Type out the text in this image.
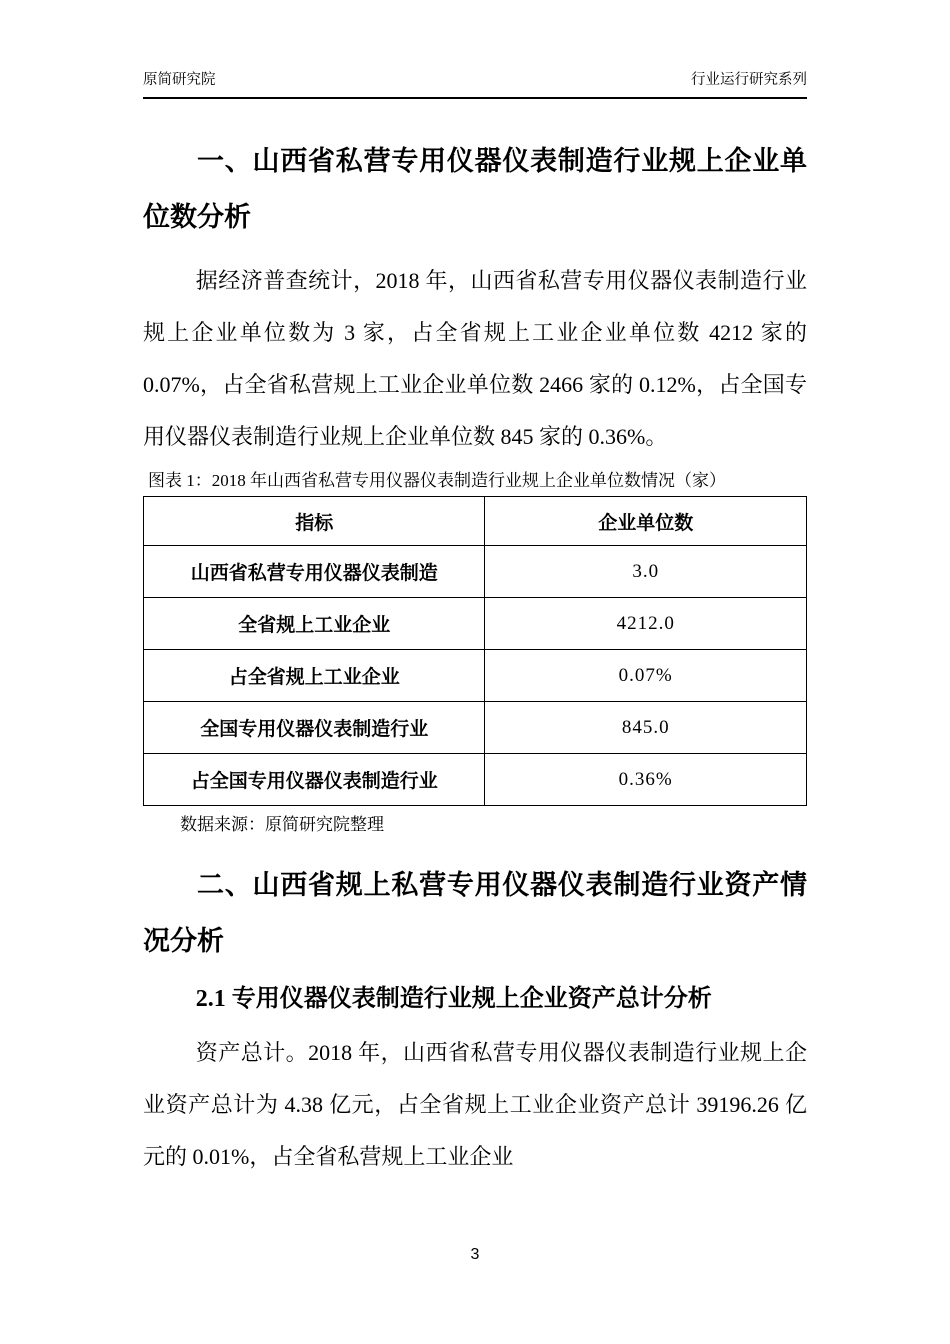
原简研究院	行业运行研究系列
一、山西省私营专用仪器仪表制造行业规上企业单位数分析
据经济普查统计，2018 年，山西省私营专用仪器仪表制造行业规上企业单位数为 3 家，占全省规上工业企业单位数 4212 家的 0.07%，占全省私营规上工业企业单位数 2466 家的 0.12%，占全国专用仪器仪表制造行业规上企业单位数 845 家的 0.36%。
图表 1：2018 年山西省私营专用仪器仪表制造行业规上企业单位数情况（家）
指标	企业单位数
山西省私营专用仪器仪表制造	3.0
全省规上工业企业	4212.0
占全省规上工业企业	0.07%
全国专用仪器仪表制造行业	845.0
占全国专用仪器仪表制造行业	0.36%
数据来源：原简研究院整理
二、山西省规上私营专用仪器仪表制造行业资产情况分析
2.1 专用仪器仪表制造行业规上企业资产总计分析
资产总计。2018 年，山西省私营专用仪器仪表制造行业规上企业资产总计为 4.38 亿元，占全省规上工业企业资产总计 39196.26 亿元的 0.01%，占全省私营规上工业企业
3
